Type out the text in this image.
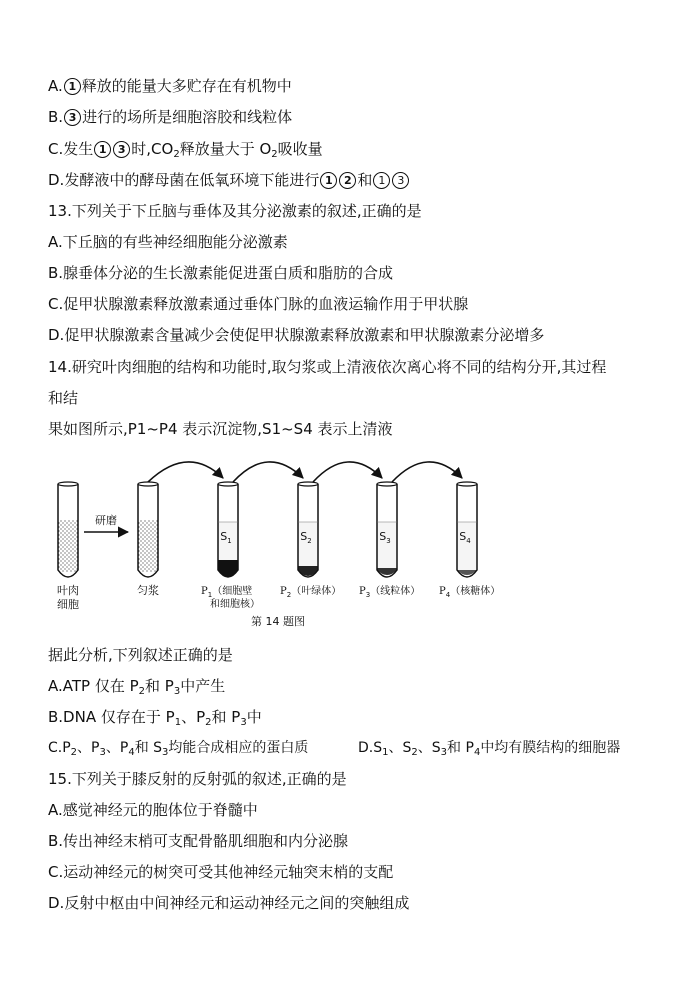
A. 1 释放的能量大多贮存在有机物中
B. 3 进行的场所是细胞溶胶和线粒体
C.发生 1 3 时$,CO_2$释放量大于 $O_2$吸收量
D.发酵液中的酵母菌在低氧环境下能进行 1 2 和 1 3
13.下列关于下丘脑与垂体及其分泌激素的叙述,正确的是
A.下丘脑的有些神经细胞能分泌激素
B.腺垂体分泌的生长激素能促进蛋白质和脂肪的合成
C.促甲状腺激素释放激素通过垂体门脉的血液运输作用于甲状腺
D.促甲状腺激素含量减少会使促甲状腺激素释放激素和甲状腺激素分泌增多
14.研究叶肉细胞的结构和功能时,取匀浆或上清液依次离心将不同的结构分开,其过程
和结
果如图所示,P1~P4 表示沉淀物,S1~S4 表示上清液
研磨
$S_1$	$S_2$	$S_3$	$S_4$
叶肉
细胞
匀浆	$P_1$（细胞壁
和细胞核）
$P_2$（叶绿体） $P_3$（线粒体） $P_4$（核糖体）
第 14 题图
据此分析,下列叙述正确的是
A.ATP 仅在 $P_2$和 $P_3$中产生
B.DNA 仅存在于 $P_1$、$P_2$和 $P_3$中
$C.P_2$、$P_3$、$P_4$和 $S_3$均能合成相应的蛋白质	$D.S_1$、$S_2$、$S_3$和 $P_4$中均有膜结构的细胞器
15.下列关于膝反射的反射弧的叙述,正确的是
A.感觉神经元的胞体位于脊髓中
B.传出神经末梢可支配骨骼肌细胞和内分泌腺
C.运动神经元的树突可受其他神经元轴突末梢的支配
D.反射中枢由中间神经元和运动神经元之间的突触组成
